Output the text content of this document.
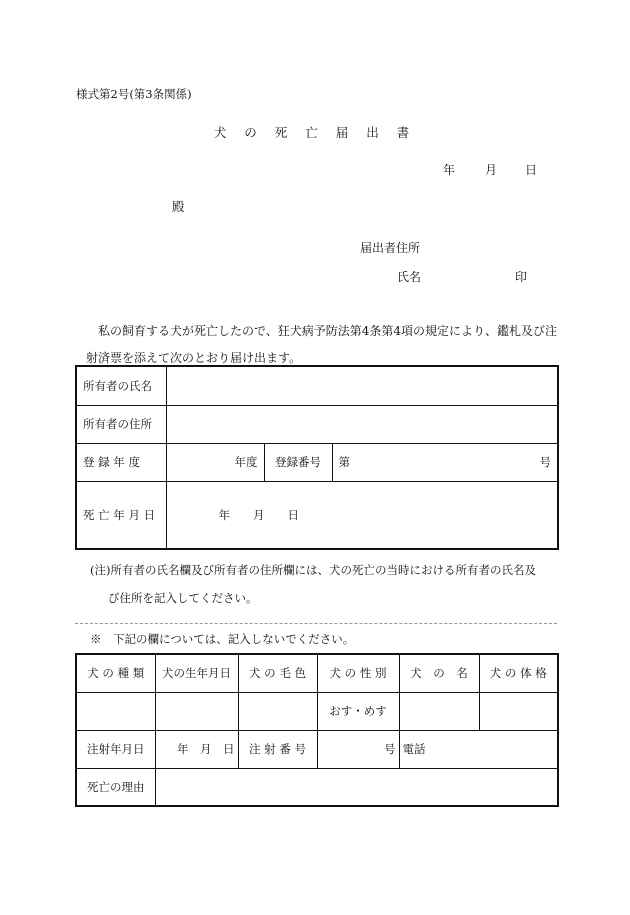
様式第2号(第3条関係)
犬 の 死 亡 届 出 書
年	月 日
殿
届出者住所
氏名	印

私の飼育する犬が死亡したので、狂犬病予防法第4条第4項の規定により、鑑札及び注

射済票を添えて次のとおり届け出ます。

所有者の氏名			
所有者の住所			
登 録 年 度	年度	登録番号	第 号

死 亡 年 月 日	年　　月　　日		

(注)所有者の氏名欄及び所有者の住所欄には、犬の死亡の当時における所有者の氏名及

び住所を記入してください。

※　下記の欄については、記入しないでください。
犬 の 種 類	犬の生年月日	犬 の 毛 色	犬 の 性 別	犬　の　名	犬 の 体 格
			おす・めす		
注射年月日	年　月　日	注 射 番 号	号	電話	
死亡の理由					
